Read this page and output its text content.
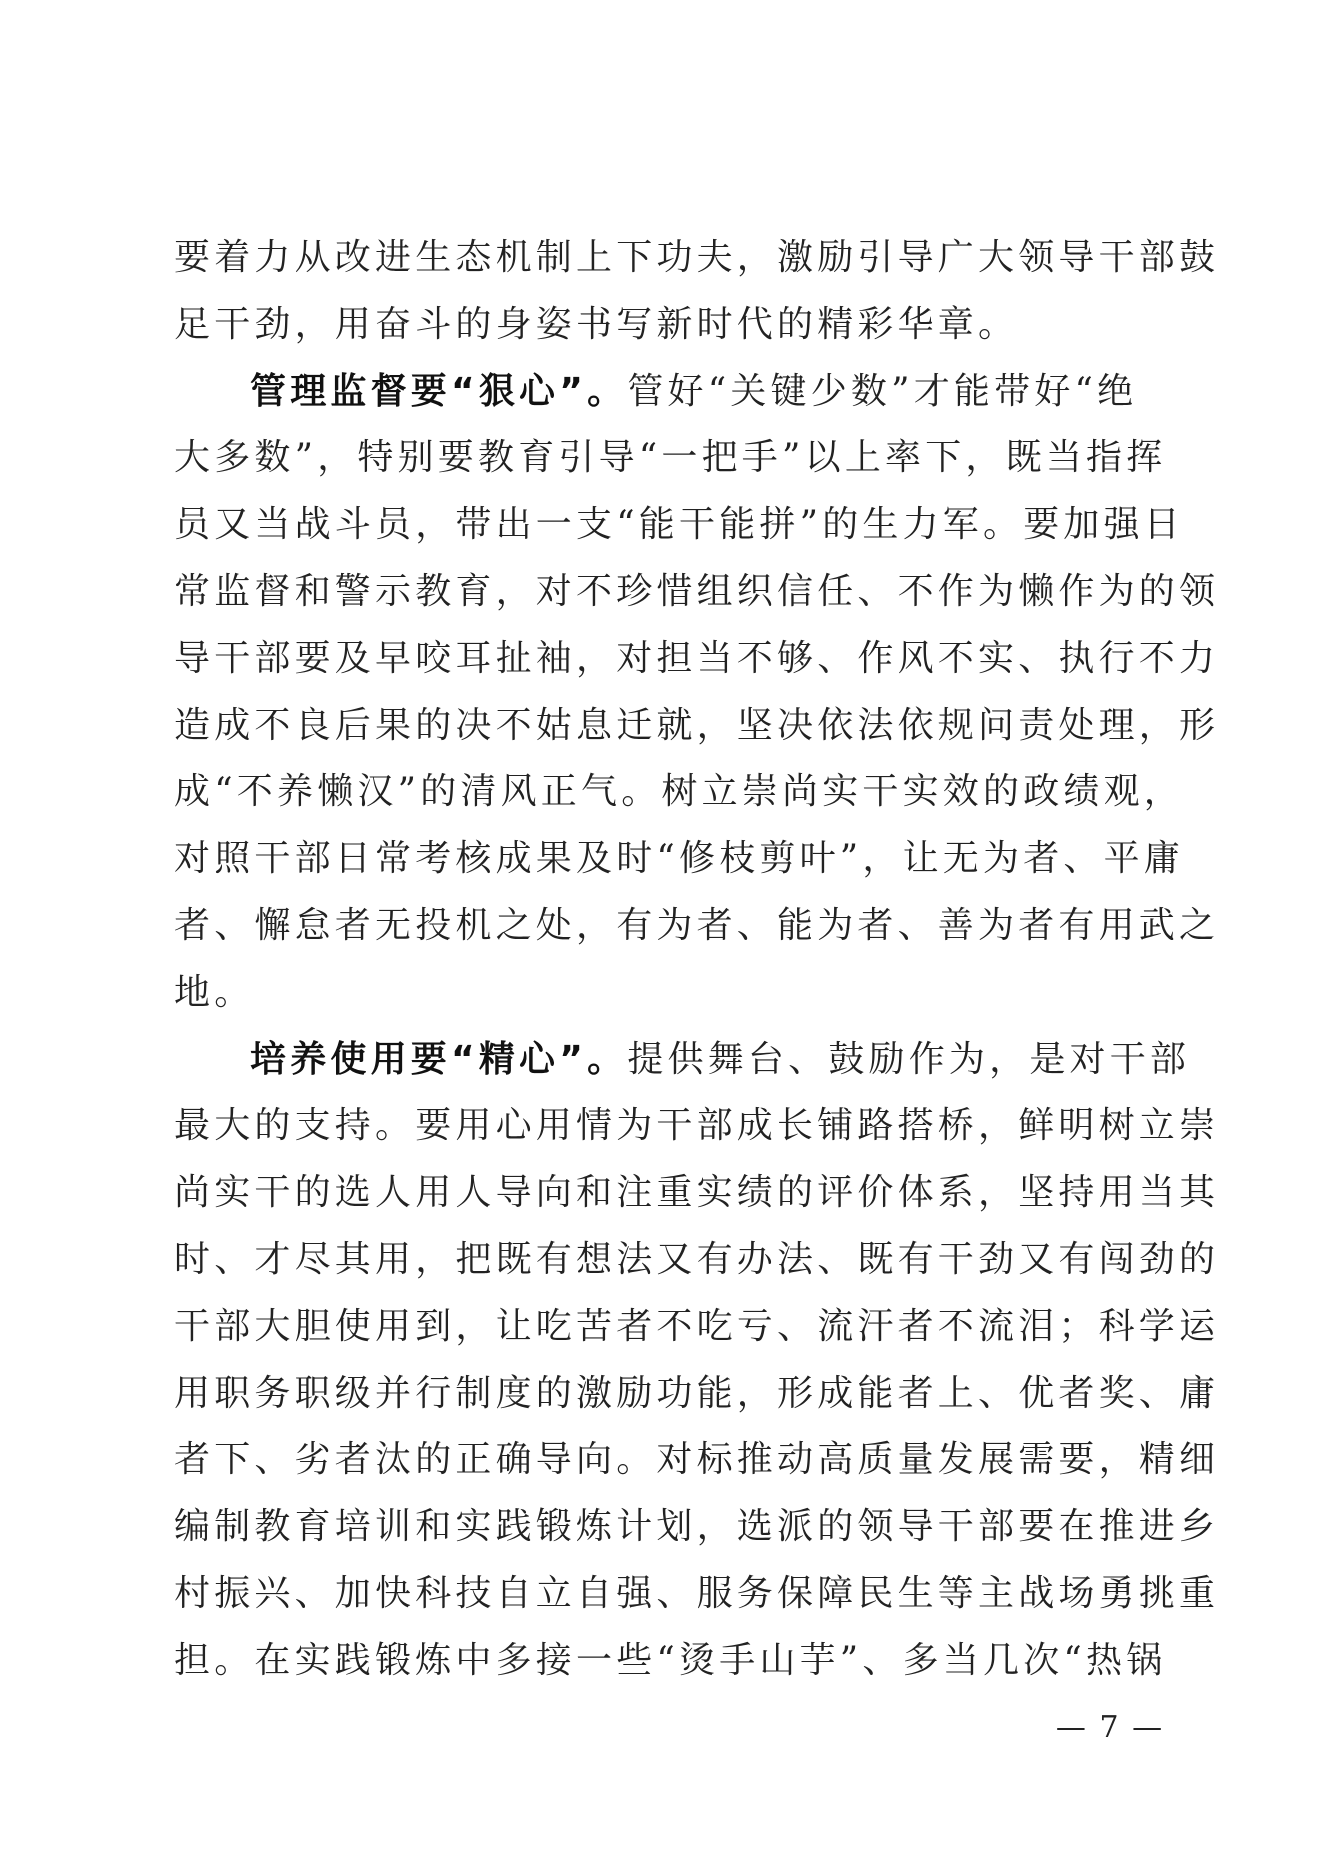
要着力从改进生态机制上下功夫，激励引导广大领导干部鼓
足干劲，用奋斗的身姿书写新时代的精彩华章。
管理监督要“狠心”。管好“关键少数”才能带好“绝
大多数”，特别要教育引导“一把手”以上率下，既当指挥
员又当战斗员，带出一支“能干能拼”的生力军。要加强日
常监督和警示教育，对不珍惜组织信任、不作为懒作为的领
导干部要及早咬耳扯袖，对担当不够、作风不实、执行不力
造成不良后果的决不姑息迁就，坚决依法依规问责处理，形
成“不养懒汉”的清风正气。树立崇尚实干实效的政绩观，
对照干部日常考核成果及时“修枝剪叶”，让无为者、平庸
者、懈怠者无投机之处，有为者、能为者、善为者有用武之
地。
培养使用要“精心”。提供舞台、鼓励作为，是对干部
最大的支持。要用心用情为干部成长铺路搭桥，鲜明树立崇
尚实干的选人用人导向和注重实绩的评价体系，坚持用当其
时、才尽其用，把既有想法又有办法、既有干劲又有闯劲的
干部大胆使用到，让吃苦者不吃亏、流汗者不流泪；科学运
用职务职级并行制度的激励功能，形成能者上、优者奖、庸
者下、劣者汰的正确导向。对标推动高质量发展需要，精细
编制教育培训和实践锻炼计划，选派的领导干部要在推进乡
村振兴、加快科技自立自强、服务保障民生等主战场勇挑重
担。在实践锻炼中多接一些“烫手山芋”、多当几次“热锅
— 7 —
